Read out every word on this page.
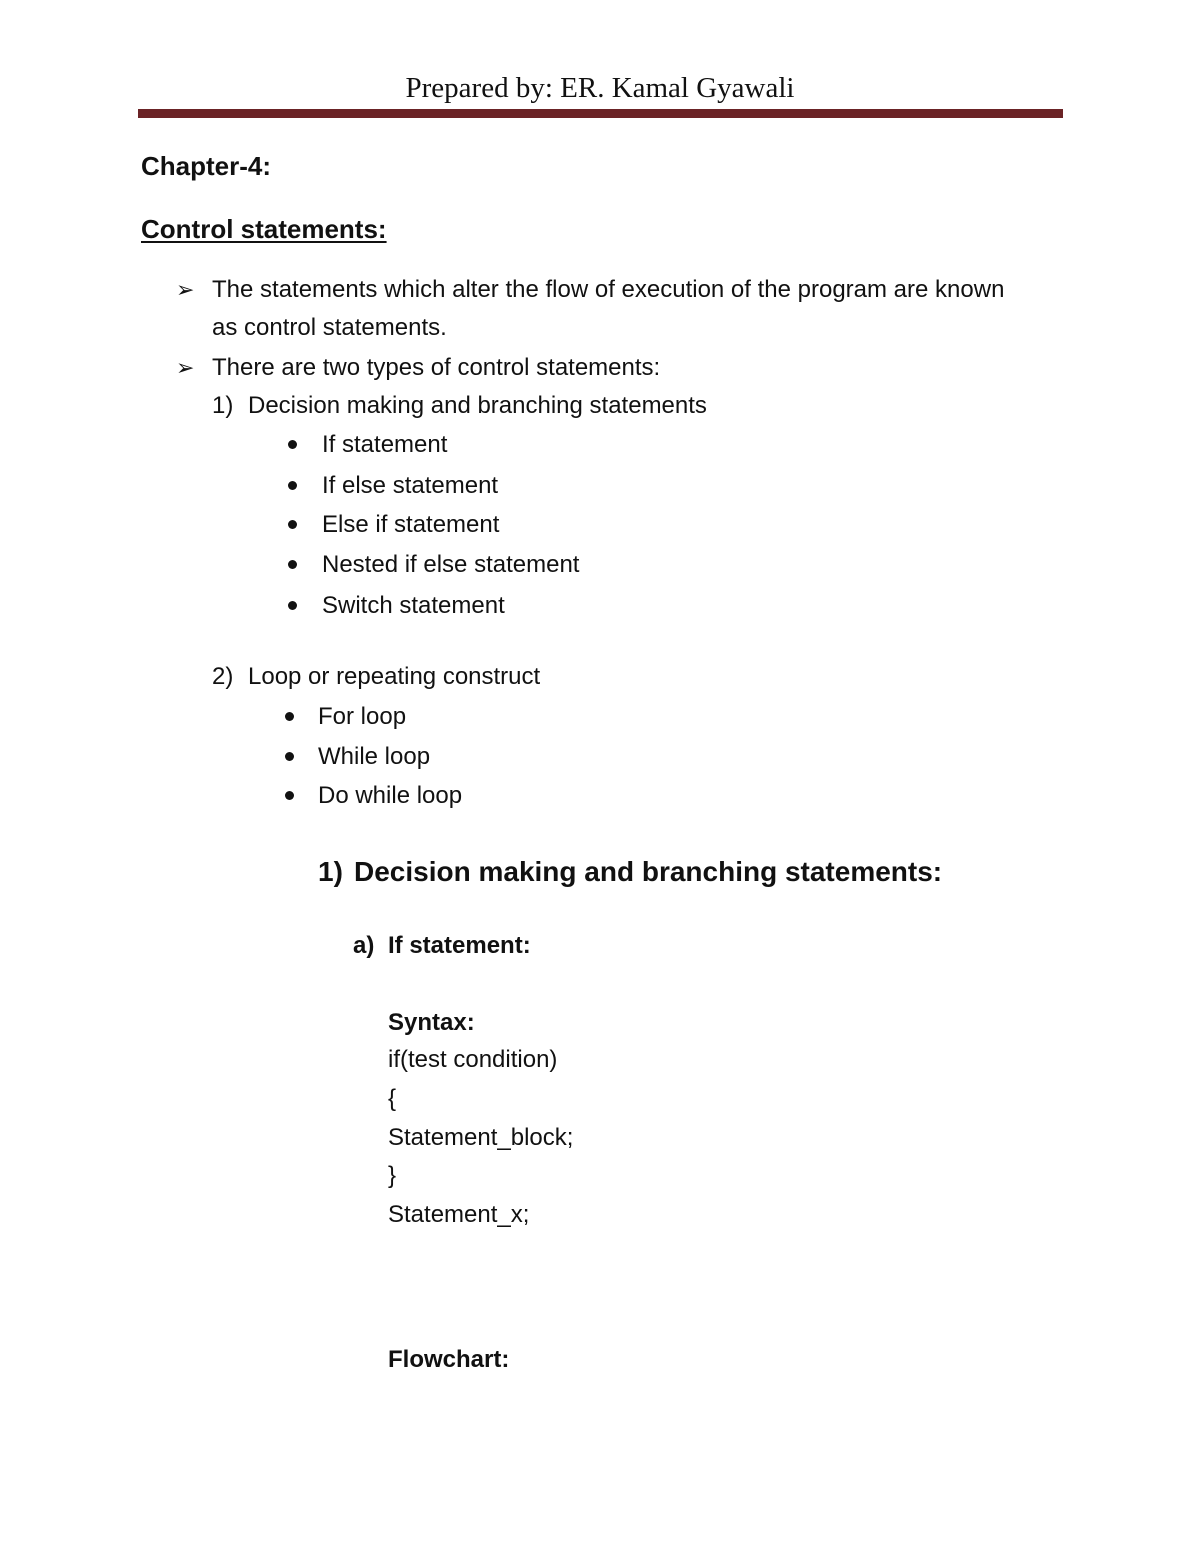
Prepared by: ER. Kamal Gyawali
Chapter-4:
Control statements:
➢ The statements which alter the flow of execution of the program are known
as control statements.
➢ There are two types of control statements:
1) Decision making and branching statements
If statement
If else statement
Else if statement
Nested if else statement
Switch statement
2) Loop or repeating construct
For loop
While loop
Do while loop
1) Decision making and branching statements:
a) If statement:
Syntax:
if(test condition)
{
Statement_block;
}
Statement_x;
Flowchart:
